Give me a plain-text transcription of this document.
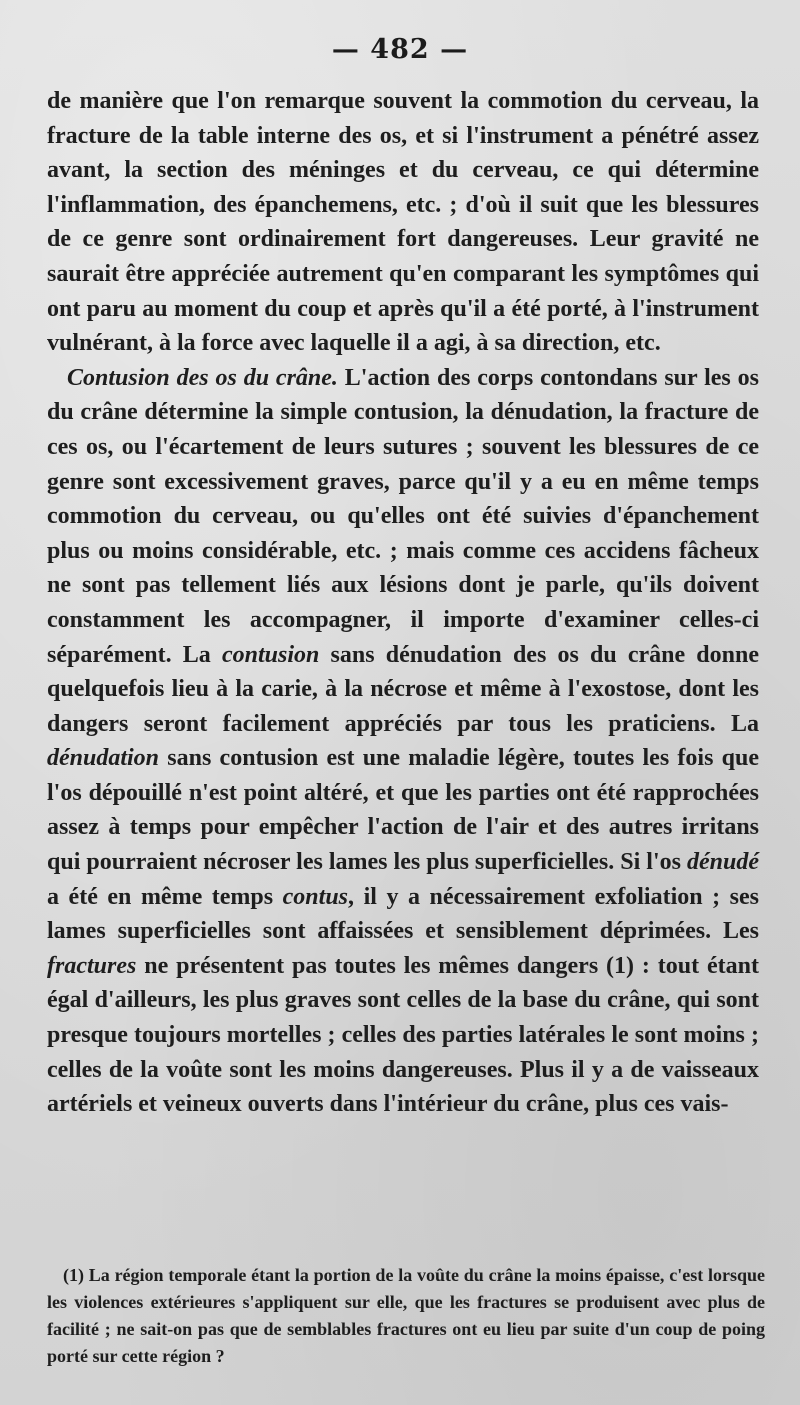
— 482 —

de manière que l'on remarque souvent la commotion du cerveau, la fracture de la table interne des os, et si l'instrument a pénétré assez avant, la section des méninges et du cerveau, ce qui détermine l'inflammation, des épanchemens, etc. ; d'où il suit que les blessures de ce genre sont ordinairement fort dangereuses. Leur gravité ne saurait être appréciée autrement qu'en comparant les symptômes qui ont paru au moment du coup et après qu'il a été porté, à l'instrument vulnérant, à la force avec laquelle il a agi, à sa direction, etc.

Contusion des os du crâne. L'action des corps contondans sur les os du crâne détermine la simple contusion, la dénudation, la fracture de ces os, ou l'écartement de leurs sutures ; souvent les blessures de ce genre sont excessivement graves, parce qu'il y a eu en même temps commotion du cerveau, ou qu'elles ont été suivies d'épanchement plus ou moins considérable, etc. ; mais comme ces accidens fâcheux ne sont pas tellement liés aux lésions dont je parle, qu'ils doivent constamment les accompagner, il importe d'examiner celles-ci séparément. La contusion sans dénudation des os du crâne donne quelquefois lieu à la carie, à la nécrose et même à l'exostose, dont les dangers seront facilement appréciés par tous les praticiens. La dénudation sans contusion est une maladie légère, toutes les fois que l'os dépouillé n'est point altéré, et que les parties ont été rapprochées assez à temps pour empêcher l'action de l'air et des autres irritans qui pourraient nécroser les lames les plus superficielles. Si l'os dénudé a été en même temps contus, il y a nécessairement exfoliation ; ses lames superficielles sont affaissées et sensiblement déprimées. Les fractures ne présentent pas toutes les mêmes dangers (1) : tout étant égal d'ailleurs, les plus graves sont celles de la base du crâne, qui sont presque toujours mortelles ; celles des parties latérales le sont moins ; celles de la voûte sont les moins dangereuses. Plus il y a de vaisseaux artériels et veineux ouverts dans l'intérieur du crâne, plus ces vais-

(1) La région temporale étant la portion de la voûte du crâne la moins épaisse, c'est lorsque les violences extérieures s'appliquent sur elle, que les fractures se produisent avec plus de facilité ; ne sait-on pas que de semblables fractures ont eu lieu par suite d'un coup de poing porté sur cette région ?
